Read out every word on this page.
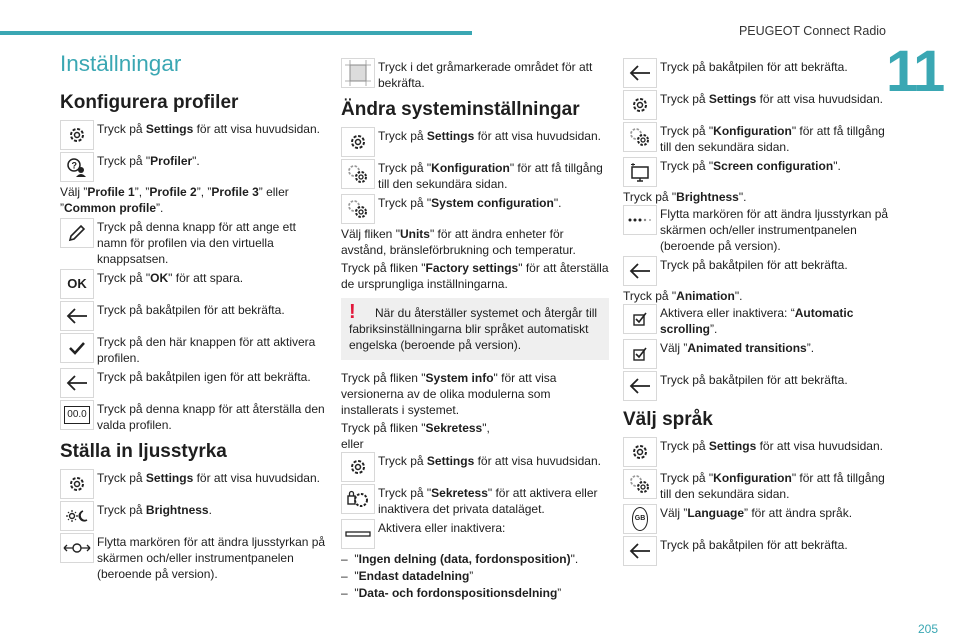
PEUGEOT Connect Radio
11
205
Inställningar
Konfigurera profiler
Tryck på Settings för att visa huvudsidan.
? Tryck på "Profiler".
Välj ”Profile 1”, ”Profile 2”, ”Profile 3” eller ”Common profile”.
Tryck på denna knapp för att ange ett namn för profilen via den virtuella knappsatsen.
OK Tryck på "OK" för att spara.
Tryck på bakåtpilen för att bekräfta.
Tryck på den här knappen för att aktivera profilen.
Tryck på bakåtpilen igen för att bekräfta.
00.0 Tryck på denna knapp för att återställa den valda profilen.
Ställa in ljusstyrka
Tryck på Settings för att visa huvudsidan.
Tryck på Brightness.
Flytta markören för att ändra ljusstyrkan på skärmen och/eller instrumentpanelen (beroende på version).
Tryck i det gråmarkerade området för att bekräfta.
Ändra systeminställningar
Tryck på Settings för att visa huvudsidan.
Tryck på "Konfiguration" för att få tillgång till den sekundära sidan.
Tryck på "System configuration".
Välj fliken "Units" för att ändra enheter för avstånd, bränsleförbrukning och temperatur.
Tryck på fliken "Factory settings" för att återställa de ursprungliga inställningarna.
!	När du återställer systemet och återgår till fabriksinställningarna blir språket automatiskt engelska (beroende på version).
Tryck på fliken "System info" för att visa versionerna av de olika modulerna som installerats i systemet.
Tryck på fliken "Sekretess",
eller
Tryck på Settings för att visa huvudsidan.
Tryck på "Sekretess" för att aktivera eller inaktivera det privata dataläget.
Aktivera eller inaktivera:
–  "Ingen delning (data, fordonsposition)".
–  "Endast datadelning”
–  "Data- och fordonspositionsdelning”
Tryck på bakåtpilen för att bekräfta.
Tryck på Settings för att visa huvudsidan.
Tryck på "Konfiguration" för att få tillgång till den sekundära sidan.
Tryck på "Screen configuration".
Tryck på "Brightness".
Flytta markören för att ändra ljusstyrkan på skärmen och/eller instrumentpanelen (beroende på version).
Tryck på bakåtpilen för att bekräfta.
Tryck på "Animation".
Aktivera eller inaktivera: “Automatic scrolling”.
Välj ”Animated transitions”.
Tryck på bakåtpilen för att bekräfta.
Välj språk
Tryck på Settings för att visa huvudsidan.
Tryck på "Konfiguration" för att få tillgång till den sekundära sidan.
GB Välj ”Language” för att ändra språk.
Tryck på bakåtpilen för att bekräfta.
